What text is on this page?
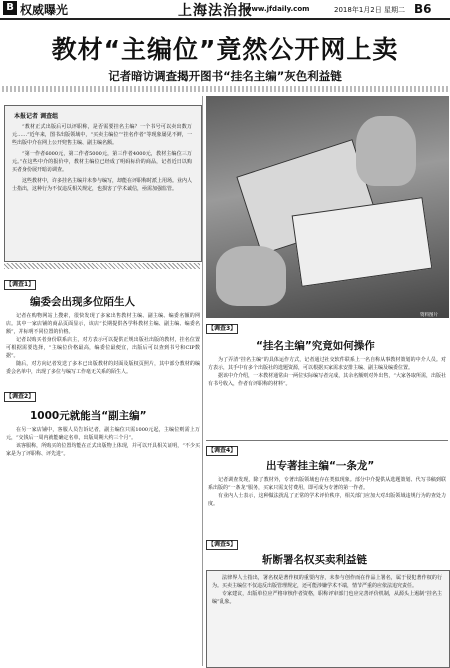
B 权威曝光	上海法治报
www.jfdaily.com	2018年1月2日 星期二 B6
教材“主编位”竟然公开网上卖
记者暗访调查揭开图书“挂名主编”灰色利益链
本报记者 调查组

“教材正式出版后可以评职称，是否需要挂名主编？一个书号可以卖出数万元……”近年来，图书出版领域中，“买卖主编位”“挂名作者”等现象屡见不鲜，一些出版中介在网上公开兜售主编、副主编名额。

“第一作者6000元，第二作者5000元，第三作者4000元，教材主编位三万元。”在这些中介的报价中，教材主编位已经成了明码标价的商品，记者近日以购买者身份展开暗访调查。

这些教材中，许多挂名主编并未参与编写，却能在评职称时派上用场。业内人士指出，这种行为不仅违反相关规定，也损害了学术诚信，亟需加强监管。

资料图片
【调查1】
编委会出现多位陌生人

记者在购物网站上搜索，很快发现了多家出售教材主编、副主编、编委名额的网店。其中一家店铺的商品页面显示，该店“长期提供各学科教材主编、副主编、编委名额”，并标明不同位置的价格。

记者以购买者身份联系店主，对方表示可以提供正规出版社出版的教材，挂名位置可根据需要选择，“主编位价格最高，编委位最便宜，出版后可以查到书号和CIP数据”。

随后，对方向记者发送了多本已出版教材的封面及版权页照片，其中部分教材的编委会名单中，出现了多位与编写工作毫无关系的陌生人。

【调查2】
1000元就能当“副主编”

在另一家店铺中，客服人员告诉记者，副主编位只需1000元起，主编位则需上万元，“交钱后一周内就能确定名单，出版周期大约三个月”。

该客服称，所购买的位置均能在正式出版物上体现，并可以开具相关证明，“不少买家是为了评职称、评先进”。

【调查3】
“挂名主编”究竟如何操作

为了弄清“挂名主编”的具体运作方式，记者通过社交软件联系上一名自称从事教材策划的中介人员。对方表示，其手中有多个出版社的选题资源，可以根据买家需求安排主编、副主编及编委位置。

据该中介介绍，一本教材通常由一两位实际编写者完成，其余名额则对外出售，“大家各取所需，出版社有书号收入，作者有评职称的材料”。

【调查4】
出专著挂主编“一条龙”

记者调查发现，除了教材外，专著出版领域也存在类似现象。部分中介提供从选题策划、代写书稿到联系出版的“一条龙”服务，买家只需支付费用，即可成为专著的第一作者。

有业内人士表示，这种做法扰乱了正常的学术评价秩序，相关部门应加大对出版领域违规行为的查处力度。

【调查5】
斩断署名权买卖利益链

法律界人士指出，署名权是著作权的重要内容，未参与创作而在作品上署名，属于侵犯著作权的行为。买卖主编位不仅违反出版管理规定，还可能涉嫌学术不端，情节严重的应依法追究责任。

专家建议，出版单位应严格审核作者资格，职称评审部门也应完善评价机制，从源头上遏制“挂名主编”乱象。
